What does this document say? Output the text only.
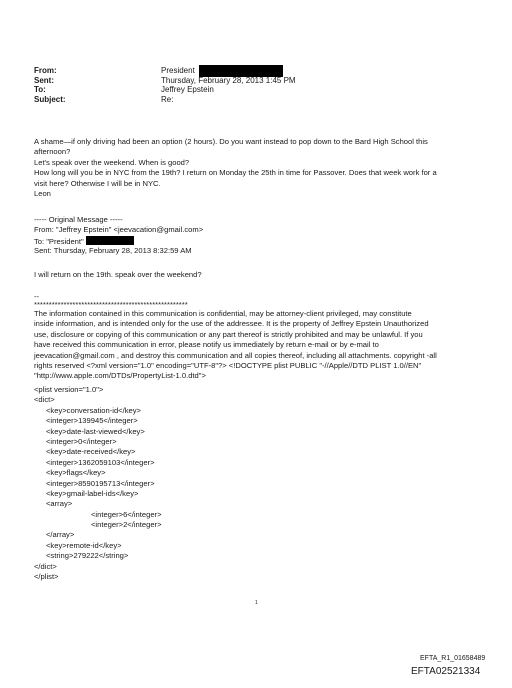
From:	President
Sent:	Thursday, February 28, 2013 1:45 PM
To:	Jeffrey Epstein
Subject:	Re:
A shame—if only driving had been an option (2 hours). Do you want instead to pop down to the Bard High School this
afternoon?
Let's speak over the weekend. When is good?
How long will you be in NYC from the 19th? I return on Monday the 25th in time for Passover. Does that week work for a
visit here? Otherwise I will be in NYC.
Leon
----- Original Message -----
From: "Jeffrey Epstein" <jeevacation@gmail.com>
To: "President"
Sent: Thursday, February 28, 2013 8:32:59 AM
I will return on the 19th. speak over the weekend?
--
****************************************************
The information contained in this communication is confidential, may be attorney-client privileged, may constitute
inside information, and is intended only for the use of the addressee. It is the property of Jeffrey Epstein Unauthorized
use, disclosure or copying of this communication or any part thereof is strictly prohibited and may be unlawful. If you
have received this communication in error, please notify us immediately by return e-mail or by e-mail to
jeevacation@gmail.com , and destroy this communication and all copies thereof, including all attachments. copyright -all
rights reserved <?xml version="1.0" encoding="UTF-8"?> <!DOCTYPE plist PUBLIC "-//Apple//DTD PLIST 1.0//EN"
"http://www.apple.com/DTDs/PropertyList-1.0.dtd">
<plist version="1.0">
<dict>
<key>conversation-id</key>
<integer>139945</integer>
<key>date-last-viewed</key>
<integer>0</integer>
<key>date-received</key>
<integer>1362059103</integer>
<key>flags</key>
<integer>8590195713</integer>
<key>gmail-label-ids</key>
<array>
<integer>6</integer>
<integer>2</integer>
</array>
<key>remote-id</key>
<string>279222</string>
</dict>
</plist>
1
EFTA_R1_01658489
EFTA02521334
